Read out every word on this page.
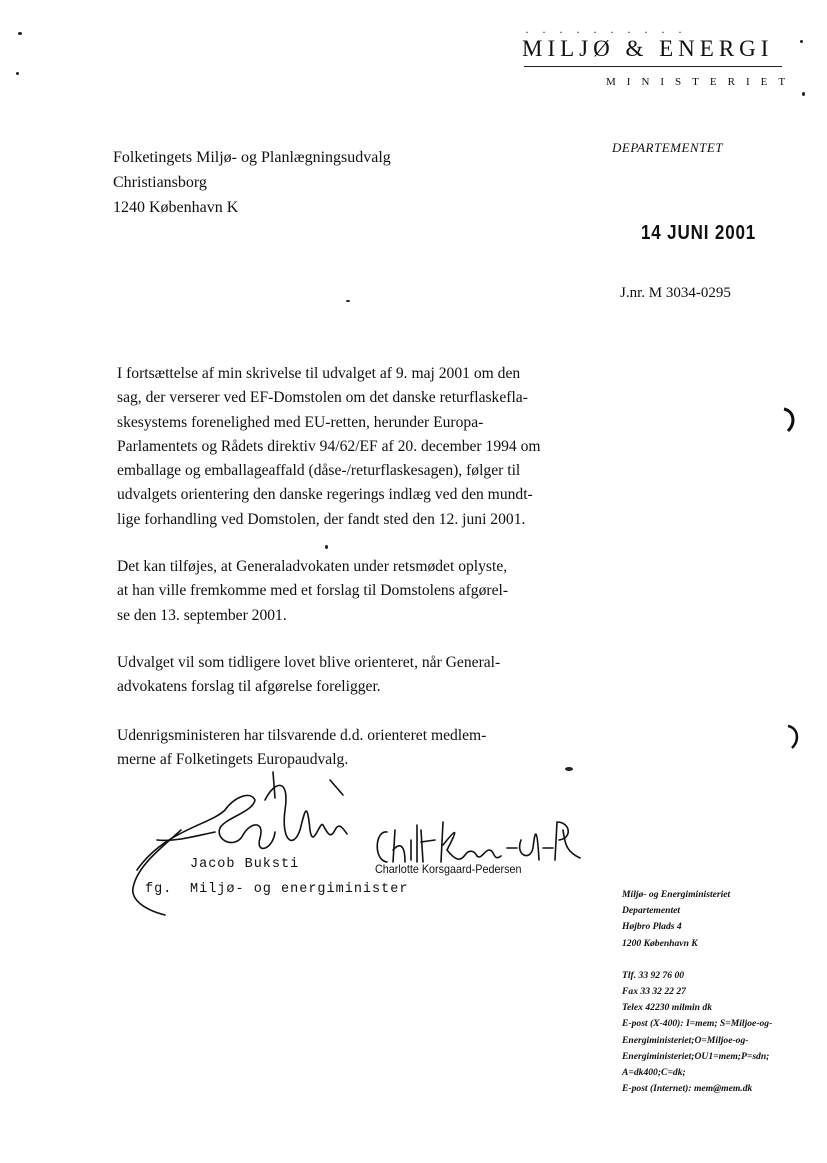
· · · · · · · · · ·
MILJØ & ENERGI
MINISTERIET
Folketingets Miljø- og Planlægningsudvalg
Christiansborg
1240 København K
DEPARTEMENTET
14 JUNI 2001
J.nr. M 3034-0295
I fortsættelse af min skrivelse til udvalget af 9. maj 2001 om den
sag, der verserer ved EF-Domstolen om det danske returflaskefla-
skesystems forenelighed med EU-retten, herunder Europa-
Parlamentets og Rådets direktiv 94/62/EF af 20. december 1994 om
emballage og emballageaffald (dåse-/returflaskesagen), følger til
udvalgets orientering den danske regerings indlæg ved den mundt-
lige forhandling ved Domstolen, der fandt sted den 12. juni 2001.
Det kan tilføjes, at Generaladvokaten under retsmødet oplyste,
at han ville fremkomme med et forslag til Domstolens afgørel-
se den 13. september 2001.
Udvalget vil som tidligere lovet blive orienteret, når General-
advokatens forslag til afgørelse foreligger.
Udenrigsministeren har tilsvarende d.d. orienteret medlem-
merne af Folketingets Europaudvalg.
Jacob Buksti	Charlotte Korsgaard-Pedersen
fg. Miljø- og energiminister	Miljø- og Energiministeriet
Departementet
Højbro Plads 4
1200 København K
Tlf. 33 92 76 00
Fax 33 32 22 27
Telex 42230 milmin dk
E-post (X-400): I=mem; S=Miljoe-og-
Energiministeriet;O=Miljoe-og-
Energiministeriet;OU1=mem;P=sdn;
A=dk400;C=dk;
E-post (Internet): mem@mem.dk
